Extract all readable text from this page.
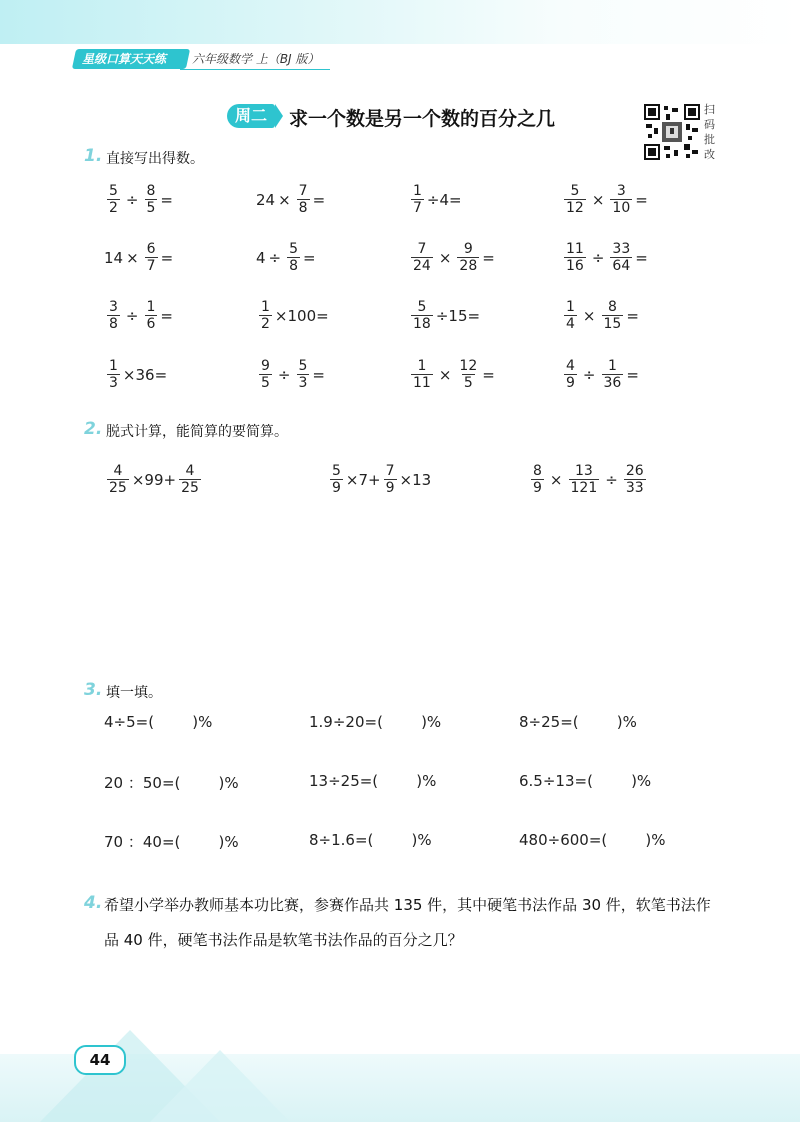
星级口算天天练	六年级数学 上（BJ 版）
周二	求一个数是另一个数的百分之几	扫
码
批
改
1. 直接写出得数。
$\frac{5}{2} \div \frac{8}{5}$ =	$24 \times \frac{7}{8}$ =	$\frac{1}{7} \div 4=$	$\frac{5}{12} \times \frac{3}{10}$ =
$14 \times \frac{6}{7}$ =	$4 \div \frac{5}{8}$ =	$\frac{7}{24} \times \frac{9}{28}$ =	$\frac{11}{16} \div \frac{33}{64}$ =
$\frac{3}{8} \div \frac{1}{6}$ =	$\frac{1}{2} \times 100=$	$\frac{5}{18} \div 15=$	$\frac{1}{4} \times \frac{8}{15}$ =
$\frac{1}{3} \times 36=$	$\frac{9}{5} \div \frac{5}{3}$ =	$\frac{1}{11} \times \frac{12}{5}$ =	$\frac{4}{9} \div \frac{1}{36}$ =
2. 脱式计算，能简算的要简算。
$\frac{4}{25} \times 99+ \frac{4}{25}$	$\frac{5}{9} \times 7+ \frac{7}{9} \times 13$	$\frac{8}{9} \times \frac{13}{121} \div \frac{26}{33}$
3. 填一填。
4÷5=(        )%	1.9÷20=(        )%	8÷25=(        )%
20 ：50=(        )%	13÷25=(        )%	6.5÷13=(        )%
70 ：40=(        )%	8÷1.6=(        )%	480÷600=(        )%
4. 希望小学举办教师基本功比赛，参赛作品共 135 件，其中硬笔书法作品 30 件，软笔书法作品 40 件，硬笔书法作品是软笔书法作品的百分之几？
44
